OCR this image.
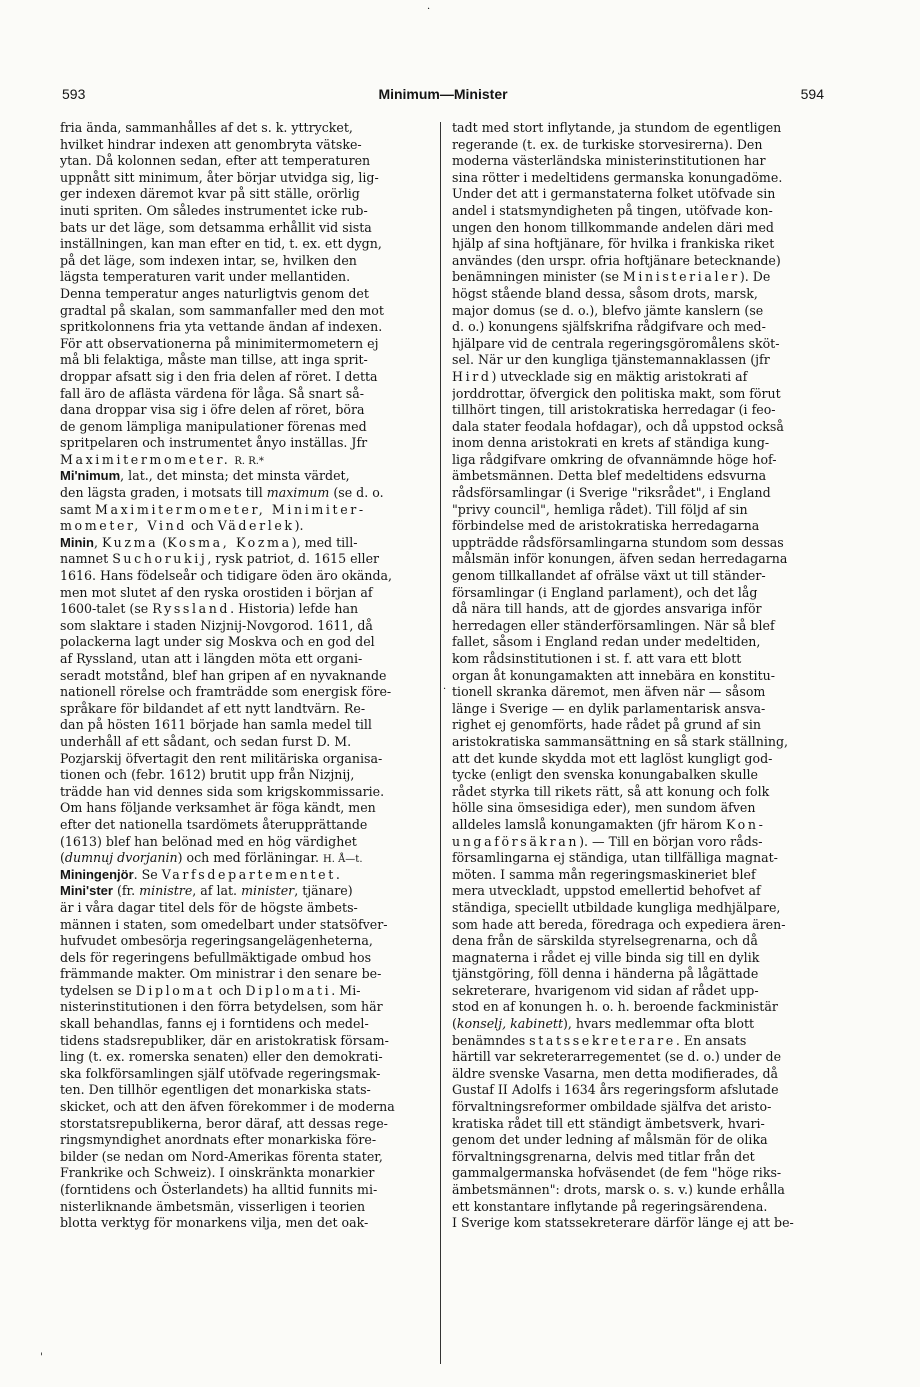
·
593	Minimum—Minister	594
fria ända, sammanhålles af det s. k. yttrycket,
hvilket hindrar indexen att genombryta vätske-
ytan. Då kolonnen sedan, efter att temperaturen
uppnått sitt minimum, åter börjar utvidga sig, lig-
ger indexen däremot kvar på sitt ställe, orörlig
inuti spriten. Om således instrumentet icke rub-
bats ur det läge, som detsamma erhållit vid sista
inställningen, kan man efter en tid, t. ex. ett dygn,
på det läge, som indexen intar, se, hvilken den
lägsta temperaturen varit under mellantiden.
Denna temperatur anges naturligtvis genom det
gradtal på skalan, som sammanfaller med den mot
spritkolonnens fria yta vettande ändan af indexen.
För att observationerna på minimitermometern ej
må bli felaktiga, måste man tillse, att inga sprit-
droppar afsatt sig i den fria delen af röret. I detta
fall äro de aflästa värdena för låga. Så snart så-
dana droppar visa sig i öfre delen af röret, böra
de genom lämpliga manipulationer förenas med
spritpelaren och instrumentet ånyo inställas. Jfr
Maximitermometer. R. R.*
Mi'nimum, lat., det minsta; det minsta värdet,
den lägsta graden, i motsats till maximum (se d. o.
samt Maximitermometer, Minimiter-
mometer, Vind och Väderlek).
Minin, Kuzma (Kosma, Kozma), med till-
namnet Suchorukij, rysk patriot, d. 1615 eller
1616. Hans födelseår och tidigare öden äro okända,
men mot slutet af den ryska orostiden i början af
1600-talet (se Ryssland. Historia) lefde han
som slaktare i staden Nizjnij-Novgorod. 1611, då
polackerna lagt under sig Moskva och en god del
af Ryssland, utan att i längden möta ett organi-
seradt motstånd, blef han gripen af en nyvaknande
nationell rörelse och framträdde som energisk före-
språkare för bildandet af ett nytt landtvärn. Re-
dan på hösten 1611 började han samla medel till
underhåll af ett sådant, och sedan furst D. M.
Pozjarskij öfvertagit den rent militäriska organisa-
tionen och (febr. 1612) brutit upp från Nizjnij,
trädde han vid dennes sida som krigskommissarie.
Om hans följande verksamhet är föga kändt, men
efter det nationella tsardömets återupprättande
(1613) blef han belönad med en hög värdighet
(dumnuj dvorjanin) och med förläningar. H. Å—t.
Miningenjör. Se Varfsdepartementet.
Mini'ster (fr. ministre, af lat. minister, tjänare)
är i våra dagar titel dels för de högste ämbets-
männen i staten, som omedelbart under statsöfver-
hufvudet ombesörja regeringsangelägenheterna,
dels för regeringens befullmäktigade ombud hos
främmande makter. Om ministrar i den senare be-
tydelsen se Diplomat och Diplomati. Mi-
nisterinstitutionen i den förra betydelsen, som här
skall behandlas, fanns ej i forntidens och medel-
tidens stadsrepubliker, där en aristokratisk försam-
ling (t. ex. romerska senaten) eller den demokrati-
ska folkförsamlingen själf utöfvade regeringsmak-
ten. Den tillhör egentligen det monarkiska stats-
skicket, och att den äfven förekommer i de moderna
storstatsrepublikerna, beror däraf, att dessas rege-
ringsmyndighet anordnats efter monarkiska före-
bilder (se nedan om Nord-Amerikas förenta stater,
Frankrike och Schweiz). I oinskränkta monarkier
(forntidens och Österlandets) ha alltid funnits mi-
nisterliknande ämbetsmän, visserligen i teorien
blotta verktyg för monarkens vilja, men det oak-
·
tadt med stort inflytande, ja stundom de egentligen
regerande (t. ex. de turkiske storvesirerna). Den
moderna västerländska ministerinstitutionen har
sina rötter i medeltidens germanska konungadöme.
Under det att i germanstaterna folket utöfvade sin
andel i statsmyndigheten på tingen, utöfvade kon-
ungen den honom tillkommande andelen däri med
hjälp af sina hoftjänare, för hvilka i frankiska riket
användes (den urspr. ofria hoftjänare betecknande)
benämningen minister (se Ministerialer). De
högst stående bland dessa, såsom drots, marsk,
major domus (se d. o.), blefvo jämte kanslern (se
d. o.) konungens själfskrifna rådgifvare och med-
hjälpare vid de centrala regeringsgöromålens sköt-
sel. När ur den kungliga tjänstemannaklassen (jfr
Hird) utvecklade sig en mäktig aristokrati af
jorddrottar, öfvergick den politiska makt, som förut
tillhört tingen, till aristokratiska herredagar (i feo-
dala stater feodala hofdagar), och då uppstod också
inom denna aristokrati en krets af ständiga kung-
liga rådgifvare omkring de ofvannämnde höge hof-
ämbetsmännen. Detta blef medeltidens edsvurna
rådsförsamlingar (i Sverige "riksrådet", i England
"privy council", hemliga rådet). Till följd af sin
förbindelse med de aristokratiska herredagarna
uppträdde rådsförsamlingarna stundom som dessas
målsmän inför konungen, äfven sedan herredagarna
genom tillkallandet af ofrälse växt ut till ständer-
församlingar (i England parlament), och det låg
då nära till hands, att de gjordes ansvariga inför
herredagen eller ständerförsamlingen. När så blef
fallet, såsom i England redan under medeltiden,
kom rådsinstitutionen i st. f. att vara ett blott
organ åt konungamakten att innebära en konstitu-
tionell skranka däremot, men äfven när — såsom
länge i Sverige — en dylik parlamentarisk ansva-
righet ej genomförts, hade rådet på grund af sin
aristokratiska sammansättning en så stark ställning,
att det kunde skydda mot ett laglöst kungligt god-
tycke (enligt den svenska konungabalken skulle
rådet styrka till rikets rätt, så att konung och folk
hölle sina ömsesidiga eder), men sundom äfven
alldeles lamslå konungamakten (jfr härom Kon-
ungaförsäkran). — Till en början voro råds-
församlingarna ej ständiga, utan tillfälliga magnat-
möten. I samma mån regeringsmaskineriet blef
mera utveckladt, uppstod emellertid behofvet af
ständiga, speciellt utbildade kungliga medhjälpare,
som hade att bereda, föredraga och expediera ären-
dena från de särskilda styrelsegrenarna, och då
magnaterna i rådet ej ville binda sig till en dylik
tjänstgöring, föll denna i händerna på lågättade
sekreterare, hvarigenom vid sidan af rådet upp-
stod en af konungen h. o. h. beroende fackministär
(konselj, kabinett), hvars medlemmar ofta blott
benämndes statssekreterare. En ansats
härtill var sekreterarregementet (se d. o.) under de
äldre svenske Vasarna, men detta modifierades, då
Gustaf II Adolfs i 1634 års regeringsform afslutade
förvaltningsreformer ombildade själfva det aristo-
kratiska rådet till ett ständigt ämbetsverk, hvari-
genom det under ledning af målsmän för de olika
förvaltningsgrenarna, delvis med titlar från det
gammalgermanska hofväsendet (de fem "höge riks-
ämbetsmännen": drots, marsk o. s. v.) kunde erhålla
ett konstantare inflytande på regeringsärendena.
I Sverige kom statssekreterare därför länge ej att be-
'
